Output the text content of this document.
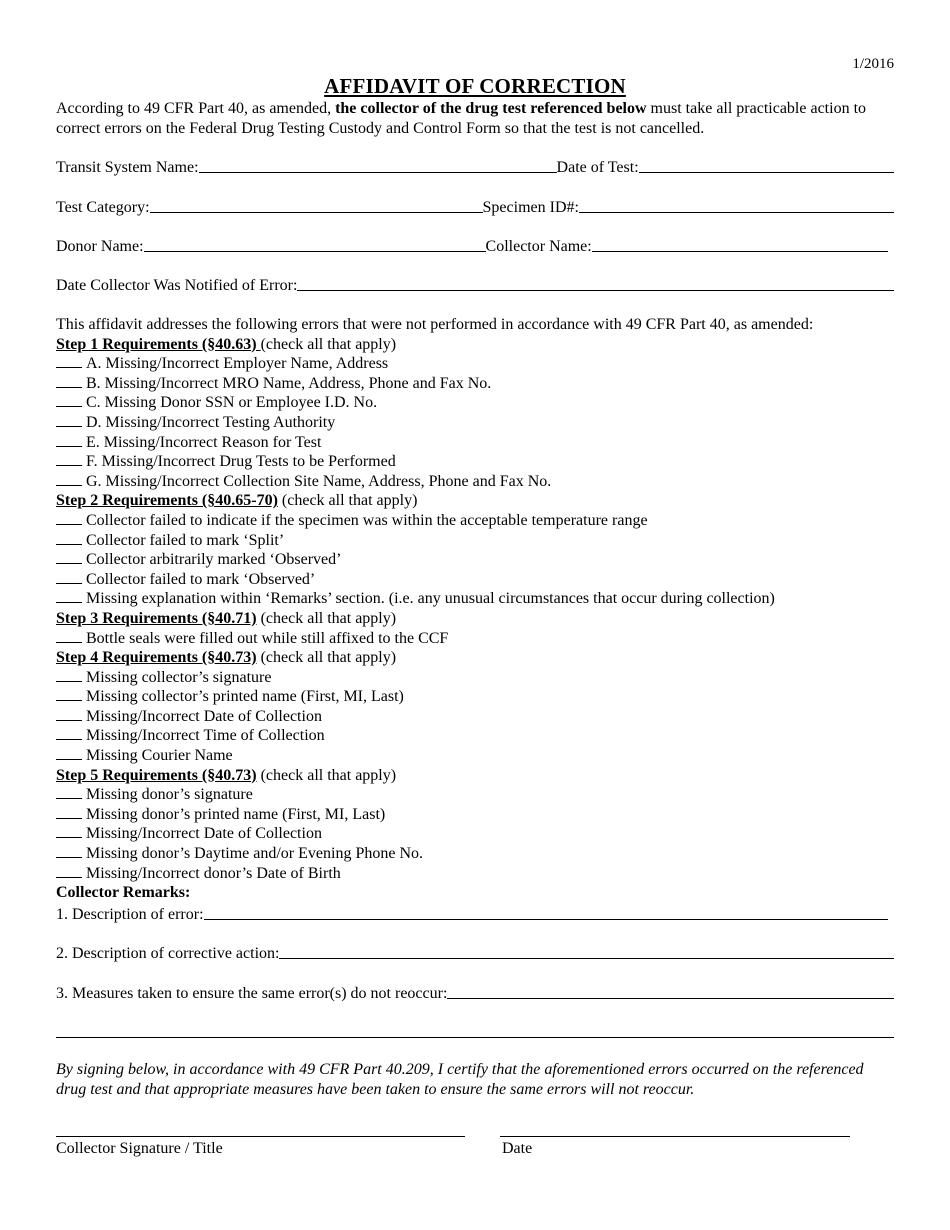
1/2016
AFFIDAVIT OF CORRECTION
According to 49 CFR Part 40, as amended, the collector of the drug test referenced below must take all practicable action to correct errors on the Federal Drug Testing Custody and Control Form so that the test is not cancelled.
Transit System Name:	Date of Test:
Test Category:	Specimen ID#:
Donor Name:	Collector Name:
Date Collector Was Notified of Error:
This affidavit addresses the following errors that were not performed in accordance with 49 CFR Part 40, as amended:
Step 1 Requirements (§40.63) (check all that apply)
A. Missing/Incorrect Employer Name, Address
B. Missing/Incorrect MRO Name, Address, Phone and Fax No.
C. Missing Donor SSN or Employee I.D. No.
D. Missing/Incorrect Testing Authority
E. Missing/Incorrect Reason for Test
F. Missing/Incorrect Drug Tests to be Performed
G. Missing/Incorrect Collection Site Name, Address, Phone and Fax No.
Step 2 Requirements (§40.65-70) (check all that apply)
Collector failed to indicate if the specimen was within the acceptable temperature range
Collector failed to mark ‘Split’
Collector arbitrarily marked ‘Observed’
Collector failed to mark ‘Observed’
Missing explanation within ‘Remarks’ section. (i.e. any unusual circumstances that occur during collection)
Step 3 Requirements (§40.71) (check all that apply)
Bottle seals were filled out while still affixed to the CCF
Step 4 Requirements (§40.73) (check all that apply)
Missing collector’s signature
Missing collector’s printed name (First, MI, Last)
Missing/Incorrect Date of Collection
Missing/Incorrect Time of Collection
Missing Courier Name
Step 5 Requirements (§40.73) (check all that apply)
Missing donor’s signature
Missing donor’s printed name (First, MI, Last)
Missing/Incorrect Date of Collection
Missing donor’s Daytime and/or Evening Phone No.
Missing/Incorrect donor’s Date of Birth
Collector Remarks:
1. Description of error:
2. Description of corrective action:
3. Measures taken to ensure the same error(s) do not reoccur:
By signing below, in accordance with 49 CFR Part 40.209, I certify that the aforementioned errors occurred on the referenced drug test and that appropriate measures have been taken to ensure the same errors will not reoccur.
Collector Signature / Title	Date
